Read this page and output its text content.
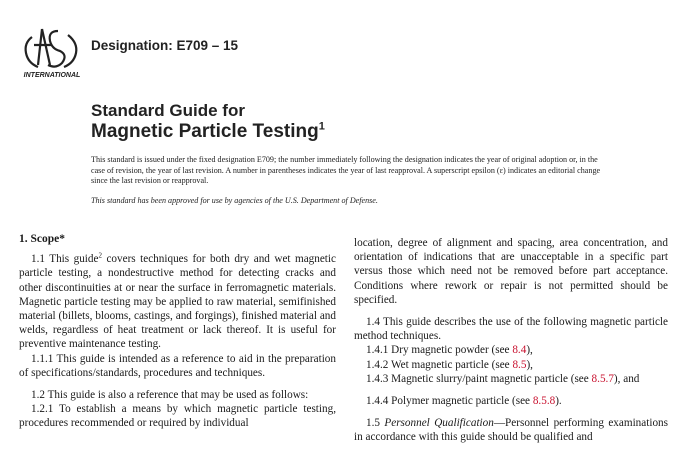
INTERNATIONAL
Designation: E709 – 15
Standard Guide for
Magnetic Particle Testing$^1$
This standard is issued under the fixed designation E709; the number immediately following the designation indicates the year of original adoption or, in the case of revision, the year of last revision. A number in parentheses indicates the year of last reapproval. A superscript epsilon (ε) indicates an editorial change since the last revision or reapproval.
This standard has been approved for use by agencies of the U.S. Department of Defense.

1. Scope*

1.1 This guide$^2$ covers techniques for both dry and wet magnetic particle testing, a nondestructive method for detecting cracks and other discontinuities at or near the surface in ferromagnetic materials. Magnetic particle testing may be applied to raw material, semifinished material (billets, blooms, castings, and forgings), finished material and welds, regardless of heat treatment or lack thereof. It is useful for preventive maintenance testing.

1.1.1 This guide is intended as a reference to aid in the preparation of specifications/standards, procedures and techniques.

1.2 This guide is also a reference that may be used as follows:

1.2.1 To establish a means by which magnetic particle testing, procedures recommended or required by individual

location, degree of alignment and spacing, area concentration, and orientation of indications that are unacceptable in a specific part versus those which need not be removed before part acceptance. Conditions where rework or repair is not permitted should be specified.

1.4 This guide describes the use of the following magnetic particle method techniques.

1.4.1 Dry magnetic powder (see 8.4),

1.4.2 Wet magnetic particle (see 8.5),

1.4.3 Magnetic slurry/paint magnetic particle (see 8.5.7), and

1.4.4 Polymer magnetic particle (see 8.5.8).

1.5 Personnel Qualification—Personnel performing examinations in accordance with this guide should be qualified and
